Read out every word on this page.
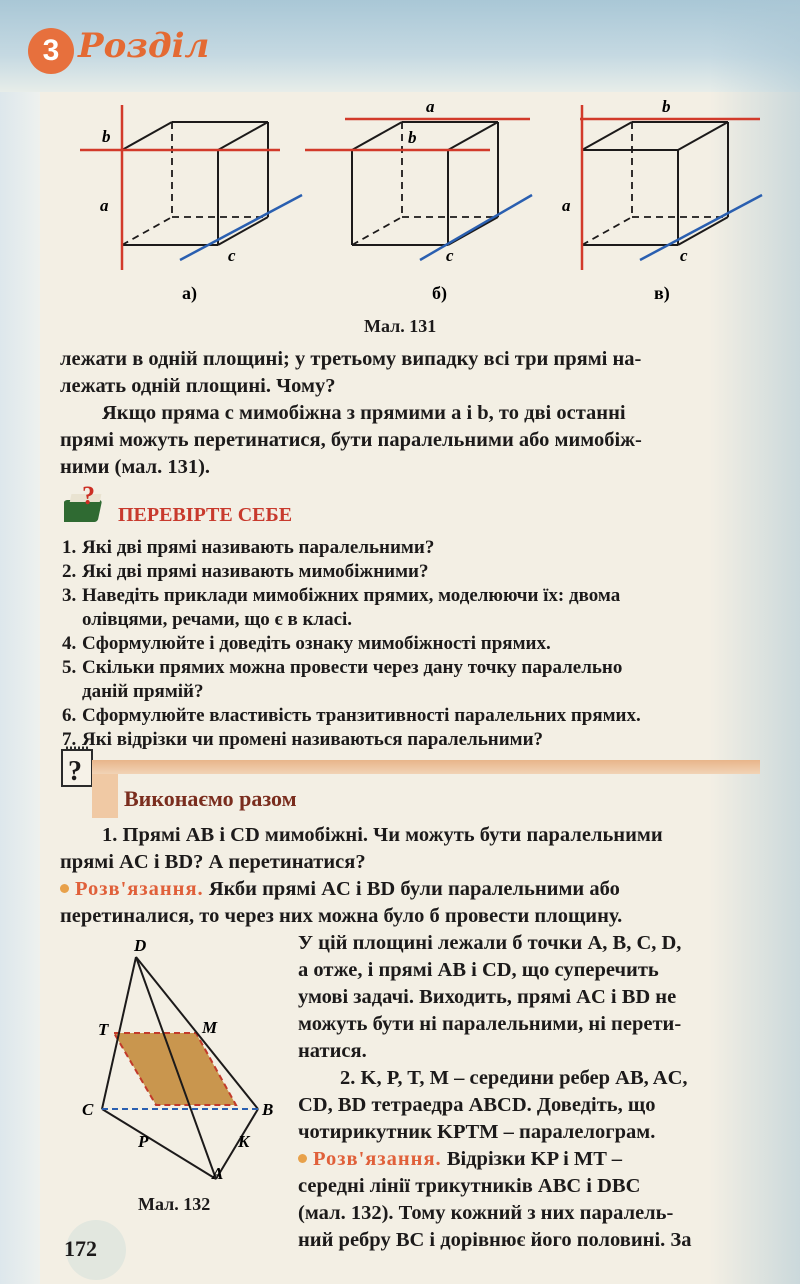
3 Розділ
b
a
c
а)
a
b
c
б)
b
a
c
в)
Мал. 131

лежати в одній площині; у третьому випадку всі три прямі на-

лежать одній площині. Чому?

Якщо пряма c мимобіжна з прямими a і b, то дві останні

прямі можуть перетинатися, бути паралельними або мимобіж-

ними (мал. 131).

?
ПЕРЕВІРТЕ СЕБЕ
1. Які дві прямі називають паралельними?
2. Які дві прямі називають мимобіжними?
3. Наведіть приклади мимобіжних прямих, моделюючи їх: двома
олівцями, речами, що є в класі.
4. Сформулюйте і доведіть ознаку мимобіжності прямих.
5. Скільки прямих можна провести через дану точку паралельно
даній прямій?
6. Сформулюйте властивість транзитивності паралельних прямих.
7. Які відрізки чи промені називаються паралельними?
?
Виконаємо разом
1. Прямі AB і CD мимобіжні. Чи можуть бути паралельними
прямі AC і BD? А перетинатися?
Розв'язання. Якби прямі AC і BD були паралельними або
перетиналися, то через них можна було б провести площину.
У цій площині лежали б точки A, B, C, D,
а отже, і прямі AB і CD, що суперечить
умові задачі. Виходить, прямі AC і BD не
можуть бути ні паралельними, ні перети-
натися.
2. K, P, T, M – середини ребер AB, AC,
CD, BD тетраедра ABCD. Доведіть, що
чотирикутник KPTM – паралелограм.
Розв'язання. Відрізки KP і MT –
середні лінії трикутників ABC і DBC
(мал. 132). Тому кожний з них паралель-
ний ребру BC і дорівнює його половині. За
D
T	M
C	B
P	K
A
Мал. 132
172
